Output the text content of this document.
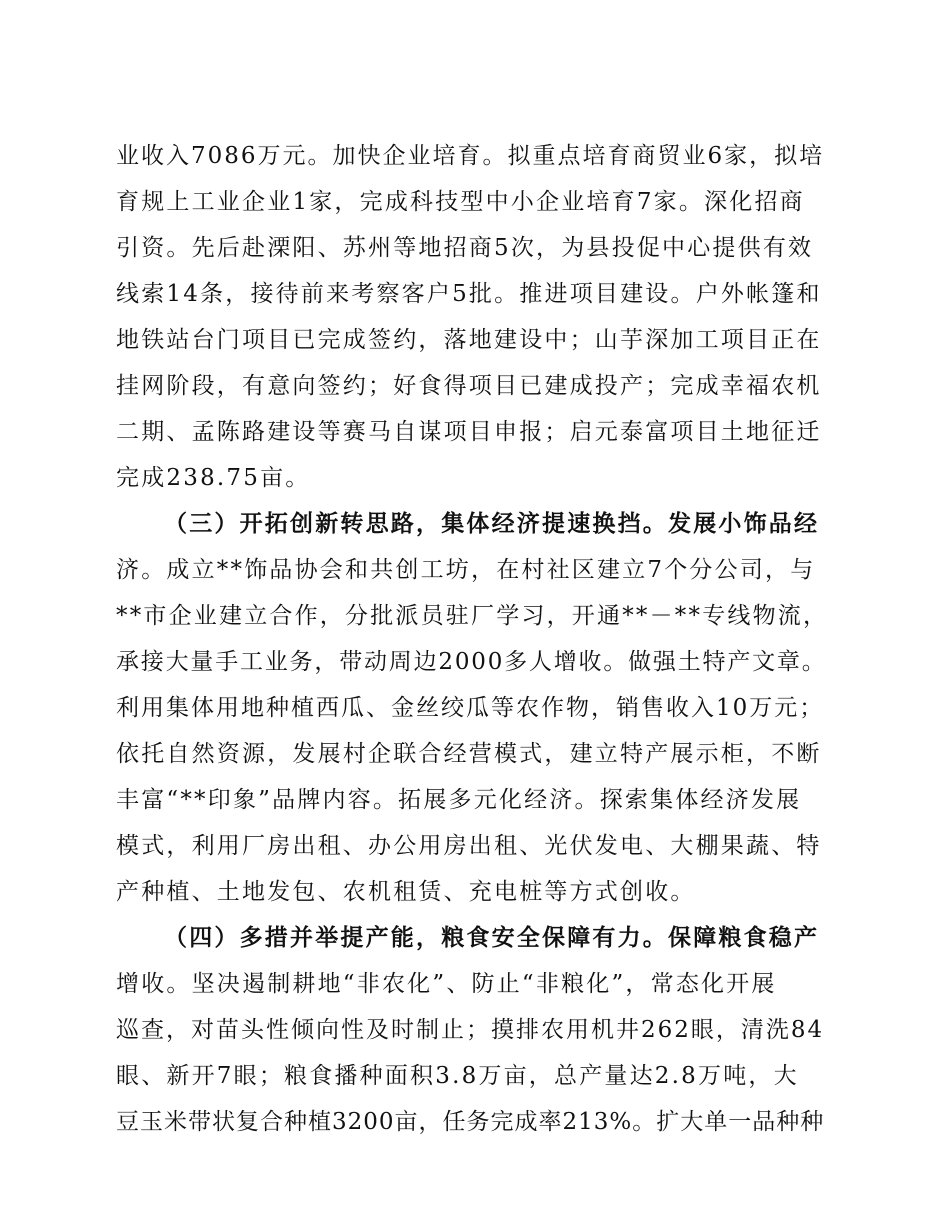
业收入7086万元。加快企业培育。拟重点培育商贸业6家，拟培
育规上工业企业1家，完成科技型中小企业培育7家。深化招商
引资。先后赴溧阳、苏州等地招商5次，为县投促中心提供有效
线索14条，接待前来考察客户5批。推进项目建设。户外帐篷和
地铁站台门项目已完成签约，落地建设中；山芋深加工项目正在
挂网阶段，有意向签约；好食得项目已建成投产；完成幸福农机
二期、孟陈路建设等赛马自谋项目申报；启元泰富项目土地征迁
完成238.75亩。
（三）开拓创新转思路，集体经济提速换挡。发展小饰品经
济。成立**饰品协会和共创工坊，在村社区建立7个分公司，与
**市企业建立合作，分批派员驻厂学习，开通**－**专线物流，
承接大量手工业务，带动周边2000多人增收。做强土特产文章。
利用集体用地种植西瓜、金丝绞瓜等农作物，销售收入10万元；
依托自然资源，发展村企联合经营模式，建立特产展示柜，不断
丰富“**印象”品牌内容。拓展多元化经济。探索集体经济发展
模式，利用厂房出租、办公用房出租、光伏发电、大棚果蔬、特
产种植、土地发包、农机租赁、充电桩等方式创收。
（四）多措并举提产能，粮食安全保障有力。保障粮食稳产
增收。坚决遏制耕地“非农化”、防止“非粮化”，常态化开展
巡查，对苗头性倾向性及时制止；摸排农用机井262眼，清洗84
眼、新开7眼；粮食播种面积3.8万亩，总产量达2.8万吨，大
豆玉米带状复合种植3200亩，任务完成率213%。扩大单一品种种
